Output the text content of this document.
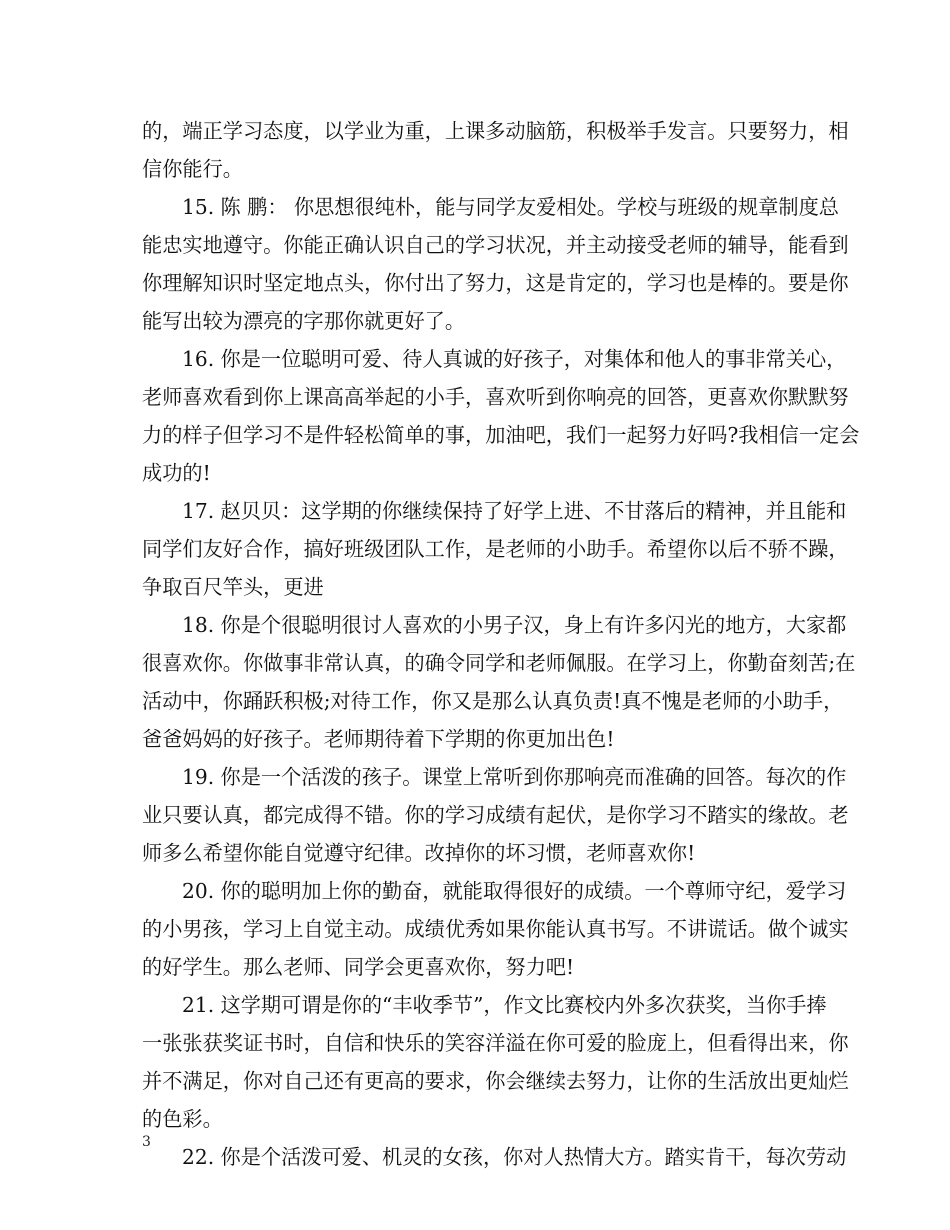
的，端正学习态度，以学业为重，上课多动脑筋，积极举手发言。只要努力，相
信你能行。
15. 陈 鹏： 你思想很纯朴，能与同学友爱相处。学校与班级的规章制度总
能忠实地遵守。你能正确认识自己的学习状况，并主动接受老师的辅导，能看到
你理解知识时坚定地点头，你付出了努力，这是肯定的，学习也是棒的。要是你
能写出较为漂亮的字那你就更好了。
16. 你是一位聪明可爱、待人真诚的好孩子，对集体和他人的事非常关心，
老师喜欢看到你上课高高举起的小手，喜欢听到你响亮的回答，更喜欢你默默努
力的样子但学习不是件轻松简单的事，加油吧，我们一起努力好吗?我相信一定会
成功的!
17. 赵贝贝：这学期的你继续保持了好学上进、不甘落后的精神，并且能和
同学们友好合作，搞好班级团队工作，是老师的小助手。希望你以后不骄不躁，
争取百尺竿头，更进
18. 你是个很聪明很讨人喜欢的小男子汉，身上有许多闪光的地方，大家都
很喜欢你。你做事非常认真，的确令同学和老师佩服。在学习上，你勤奋刻苦;在
活动中，你踊跃积极;对待工作，你又是那么认真负责!真不愧是老师的小助手，
爸爸妈妈的好孩子。老师期待着下学期的你更加出色!
19. 你是一个活泼的孩子。课堂上常听到你那响亮而准确的回答。每次的作
业只要认真，都完成得不错。你的学习成绩有起伏，是你学习不踏实的缘故。老
师多么希望你能自觉遵守纪律。改掉你的坏习惯，老师喜欢你!
20. 你的聪明加上你的勤奋，就能取得很好的成绩。一个尊师守纪，爱学习
的小男孩，学习上自觉主动。成绩优秀如果你能认真书写。不讲谎话。做个诚实
的好学生。那么老师、同学会更喜欢你，努力吧!
21. 这学期可谓是你的“丰收季节”，作文比赛校内外多次获奖，当你手捧
一张张获奖证书时，自信和快乐的笑容洋溢在你可爱的脸庞上，但看得出来，你
并不满足，你对自己还有更高的要求，你会继续去努力，让你的生活放出更灿烂
的色彩。
22. 你是个活泼可爱、机灵的女孩，你对人热情大方。踏实肯干，每次劳动
3
